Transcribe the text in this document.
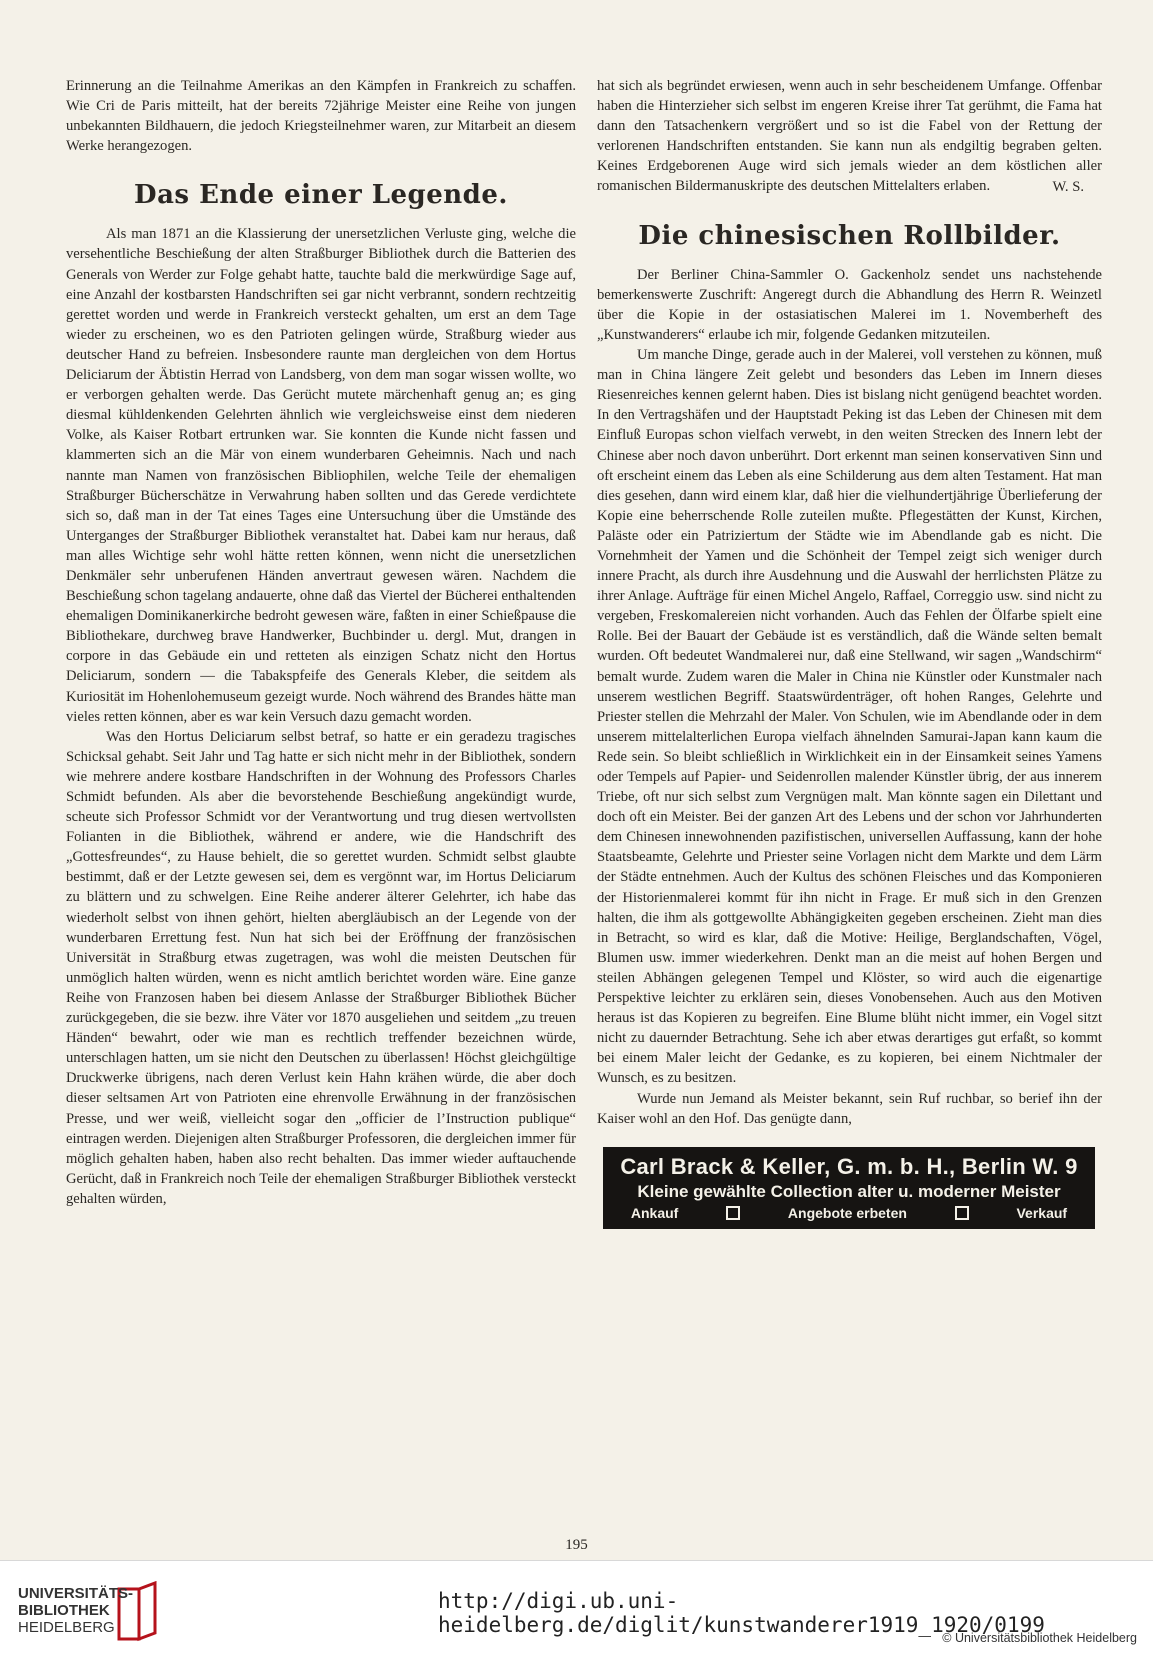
Erinnerung an die Teilnahme Amerikas an den Kämpfen in Frankreich zu schaffen. Wie Cri de Paris mitteilt, hat der bereits 72jährige Meister eine Reihe von jungen unbekannten Bildhauern, die jedoch Kriegsteilnehmer waren, zur Mitarbeit an diesem Werke herangezogen.

Das Ende einer Legende.

Als man 1871 an die Klassierung der unersetzlichen Verluste ging, welche die versehentliche Beschießung der alten Straßburger Bibliothek durch die Batterien des Generals von Werder zur Folge gehabt hatte, tauchte bald die merkwürdige Sage auf, eine Anzahl der kostbarsten Handschriften sei gar nicht verbrannt, sondern rechtzeitig gerettet worden und werde in Frankreich versteckt gehalten, um erst an dem Tage wieder zu erscheinen, wo es den Patrioten gelingen würde, Straßburg wieder aus deutscher Hand zu befreien. Insbesondere raunte man dergleichen von dem Hortus Deliciarum der Äbtistin Herrad von Landsberg, von dem man sogar wissen wollte, wo er verborgen gehalten werde. Das Gerücht mutete märchenhaft genug an; es ging diesmal kühldenkenden Gelehrten ähnlich wie vergleichsweise einst dem niederen Volke, als Kaiser Rotbart ertrunken war. Sie konnten die Kunde nicht fassen und klammerten sich an die Mär von einem wunderbaren Geheimnis. Nach und nach nannte man Namen von französischen Bibliophilen, welche Teile der ehemaligen Straßburger Bücherschätze in Verwahrung haben sollten und das Gerede verdichtete sich so, daß man in der Tat eines Tages eine Untersuchung über die Umstände des Unterganges der Straßburger Bibliothek veranstaltet hat. Dabei kam nur heraus, daß man alles Wichtige sehr wohl hätte retten können, wenn nicht die unersetzlichen Denkmäler sehr unberufenen Händen anvertraut gewesen wären. Nachdem die Beschießung schon tagelang andauerte, ohne daß das Viertel der Bücherei enthaltenden ehemaligen Dominikanerkirche bedroht gewesen wäre, faßten in einer Schießpause die Bibliothekare, durchweg brave Handwerker, Buchbinder u. dergl. Mut, drangen in corpore in das Gebäude ein und retteten als einzigen Schatz nicht den Hortus Deliciarum, sondern — die Tabakspfeife des Generals Kleber, die seitdem als Kuriosität im Hohenlohemuseum gezeigt wurde. Noch während des Brandes hätte man vieles retten können, aber es war kein Versuch dazu gemacht worden.

Was den Hortus Deliciarum selbst betraf, so hatte er ein geradezu tragisches Schicksal gehabt. Seit Jahr und Tag hatte er sich nicht mehr in der Bibliothek, sondern wie mehrere andere kostbare Handschriften in der Wohnung des Professors Charles Schmidt befunden. Als aber die bevorstehende Beschießung angekündigt wurde, scheute sich Professor Schmidt vor der Verantwortung und trug diesen wertvollsten Folianten in die Bibliothek, während er andere, wie die Handschrift des „Gottesfreundes“, zu Hause behielt, die so gerettet wurden. Schmidt selbst glaubte bestimmt, daß er der Letzte gewesen sei, dem es vergönnt war, im Hortus Deliciarum zu blättern und zu schwelgen. Eine Reihe anderer älterer Gelehrter, ich habe das wiederholt selbst von ihnen gehört, hielten abergläubisch an der Legende von der wunderbaren Errettung fest. Nun hat sich bei der Eröffnung der französischen Universität in Straßburg etwas zugetragen, was wohl die meisten Deutschen für unmöglich halten würden, wenn es nicht amtlich berichtet worden wäre. Eine ganze Reihe von Franzosen haben bei diesem Anlasse der Straßburger Bibliothek Bücher zurückgegeben, die sie bezw. ihre Väter vor 1870 ausgeliehen und seitdem „zu treuen Händen“ bewahrt, oder wie man es rechtlich treffender bezeichnen würde, unterschlagen hatten, um sie nicht den Deutschen zu überlassen! Höchst gleichgültige Druckwerke übrigens, nach deren Verlust kein Hahn krähen würde, die aber doch dieser seltsamen Art von Patrioten eine ehrenvolle Erwähnung in der französischen Presse, und wer weiß, vielleicht sogar den „officier de l’Instruction publique“ eintragen werden. Diejenigen alten Straßburger Professoren, die dergleichen immer für möglich gehalten haben, haben also recht behalten. Das immer wieder auftauchende Gerücht, daß in Frankreich noch Teile der ehemaligen Straßburger Bibliothek versteckt gehalten würden,

hat sich als begründet erwiesen, wenn auch in sehr bescheidenem Umfange. Offenbar haben die Hinterzieher sich selbst im engeren Kreise ihrer Tat gerühmt, die Fama hat dann den Tatsachenkern vergrößert und so ist die Fabel von der Rettung der verlorenen Handschriften entstanden. Sie kann nun als endgiltig begraben gelten. Keines Erdgeborenen Auge wird sich jemals wieder an dem köstlichen aller romanischen Bildermanuskripte des deutschen Mittelalters erlaben.	W. S.
Die chinesischen Rollbilder.

Der Berliner China-Sammler O. Gackenholz sendet uns nachstehende bemerkenswerte Zuschrift: Angeregt durch die Abhandlung des Herrn R. Weinzetl über die Kopie in der ostasiatischen Malerei im 1. Novemberheft des „Kunstwanderers“ erlaube ich mir, folgende Gedanken mitzuteilen.

Um manche Dinge, gerade auch in der Malerei, voll verstehen zu können, muß man in China längere Zeit gelebt und besonders das Leben im Innern dieses Riesenreiches kennen gelernt haben. Dies ist bislang nicht genügend beachtet worden. In den Vertragshäfen und der Hauptstadt Peking ist das Leben der Chinesen mit dem Einfluß Europas schon vielfach verwebt, in den weiten Strecken des Innern lebt der Chinese aber noch davon unberührt. Dort erkennt man seinen konservativen Sinn und oft erscheint einem das Leben als eine Schilderung aus dem alten Testament. Hat man dies gesehen, dann wird einem klar, daß hier die vielhundertjährige Überlieferung der Kopie eine beherrschende Rolle zuteilen mußte. Pflegestätten der Kunst, Kirchen, Paläste oder ein Patriziertum der Städte wie im Abendlande gab es nicht. Die Vornehmheit der Yamen und die Schönheit der Tempel zeigt sich weniger durch innere Pracht, als durch ihre Ausdehnung und die Auswahl der herrlichsten Plätze zu ihrer Anlage. Aufträge für einen Michel Angelo, Raffael, Correggio usw. sind nicht zu vergeben, Freskomalereien nicht vorhanden. Auch das Fehlen der Ölfarbe spielt eine Rolle. Bei der Bauart der Gebäude ist es verständlich, daß die Wände selten bemalt wurden. Oft bedeutet Wandmalerei nur, daß eine Stellwand, wir sagen „Wandschirm“ bemalt wurde. Zudem waren die Maler in China nie Künstler oder Kunstmaler nach unserem westlichen Begriff. Staatswürdenträger, oft hohen Ranges, Gelehrte und Priester stellen die Mehrzahl der Maler. Von Schulen, wie im Abendlande oder in dem unserem mittelalterlichen Europa vielfach ähnelnden Samurai-Japan kann kaum die Rede sein. So bleibt schließlich in Wirklichkeit ein in der Einsamkeit seines Yamens oder Tempels auf Papier- und Seidenrollen malender Künstler übrig, der aus innerem Triebe, oft nur sich selbst zum Vergnügen malt. Man könnte sagen ein Dilettant und doch oft ein Meister. Bei der ganzen Art des Lebens und der schon vor Jahrhunderten dem Chinesen innewohnenden pazifistischen, universellen Auffassung, kann der hohe Staatsbeamte, Gelehrte und Priester seine Vorlagen nicht dem Markte und dem Lärm der Städte entnehmen. Auch der Kultus des schönen Fleisches und das Komponieren der Historienmalerei kommt für ihn nicht in Frage. Er muß sich in den Grenzen halten, die ihm als gottgewollte Abhängigkeiten gegeben erscheinen. Zieht man dies in Betracht, so wird es klar, daß die Motive: Heilige, Berglandschaften, Vögel, Blumen usw. immer wiederkehren. Denkt man an die meist auf hohen Bergen und steilen Abhängen gelegenen Tempel und Klöster, so wird auch die eigenartige Perspektive leichter zu erklären sein, dieses Vonobensehen. Auch aus den Motiven heraus ist das Kopieren zu begreifen. Eine Blume blüht nicht immer, ein Vogel sitzt nicht zu dauernder Betrachtung. Sehe ich aber etwas derartiges gut erfaßt, so kommt bei einem Maler leicht der Gedanke, es zu kopieren, bei einem Nichtmaler der Wunsch, es zu besitzen.

Wurde nun Jemand als Meister bekannt, sein Ruf ruchbar, so berief ihn der Kaiser wohl an den Hof. Das genügte dann,

Carl Brack & Keller, G. m. b. H., Berlin W. 9
Kleine gewählte Collection alter u. moderner Meister
Ankauf	Angebote erbeten	Verkauf
195
UNIVERSITÄTS-
BIBLIOTHEK
HEIDELBERG
http://digi.ub.uni-heidelberg.de/diglit/kunstwanderer1919_1920/0199
© Universitätsbibliothek Heidelberg
